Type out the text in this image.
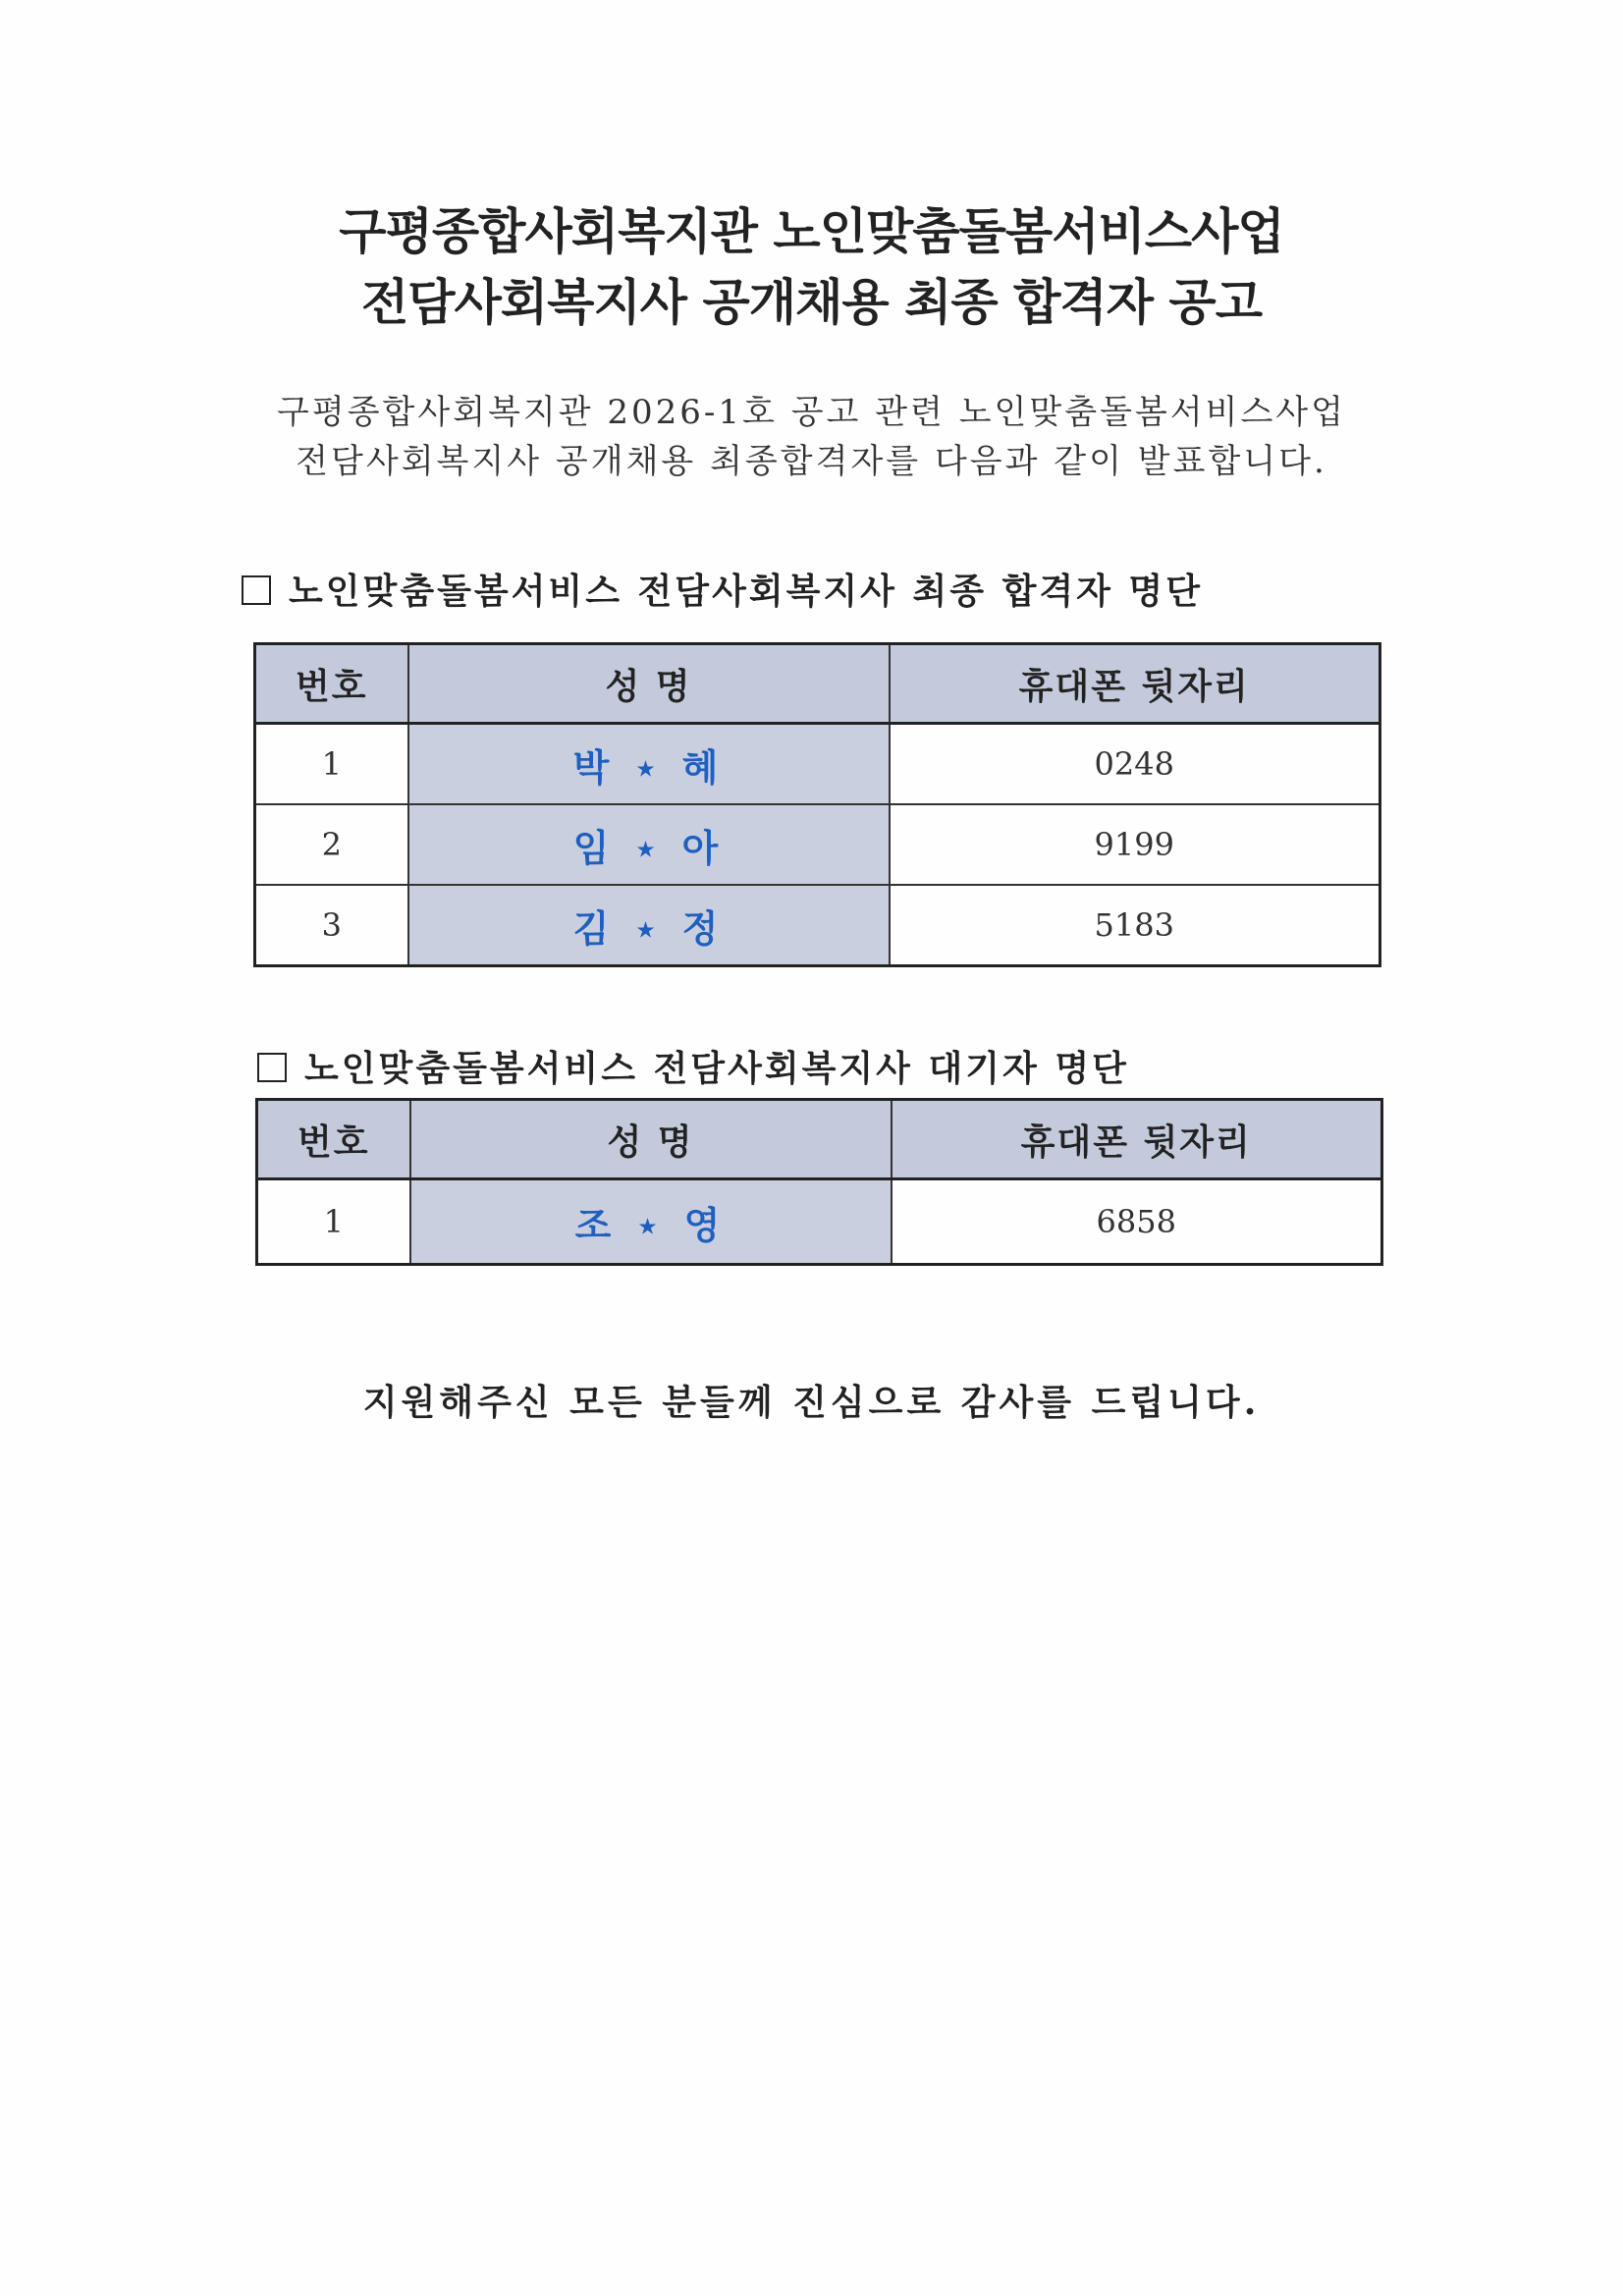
구평종합사회복지관 노인맞춤돌봄서비스사업
전담사회복지사 공개채용 최종 합격자 공고
구평종합사회복지관 2026-1호 공고 관련 노인맞춤돌봄서비스사업
전담사회복지사 공개채용 최종합격자를 다음과 같이 발표합니다.
노인맞춤돌봄서비스 전담사회복지사 최종 합격자 명단
번호	성 명	휴대폰 뒷자리
1	박 ⋆ 혜	0248
2	임 ⋆ 아	9199
3	김 ⋆ 정	5183
노인맞춤돌봄서비스 전담사회복지사 대기자 명단
번호	성 명	휴대폰 뒷자리
1	조 ⋆ 영	6858
지원해주신 모든 분들께 진심으로 감사를 드립니다.
